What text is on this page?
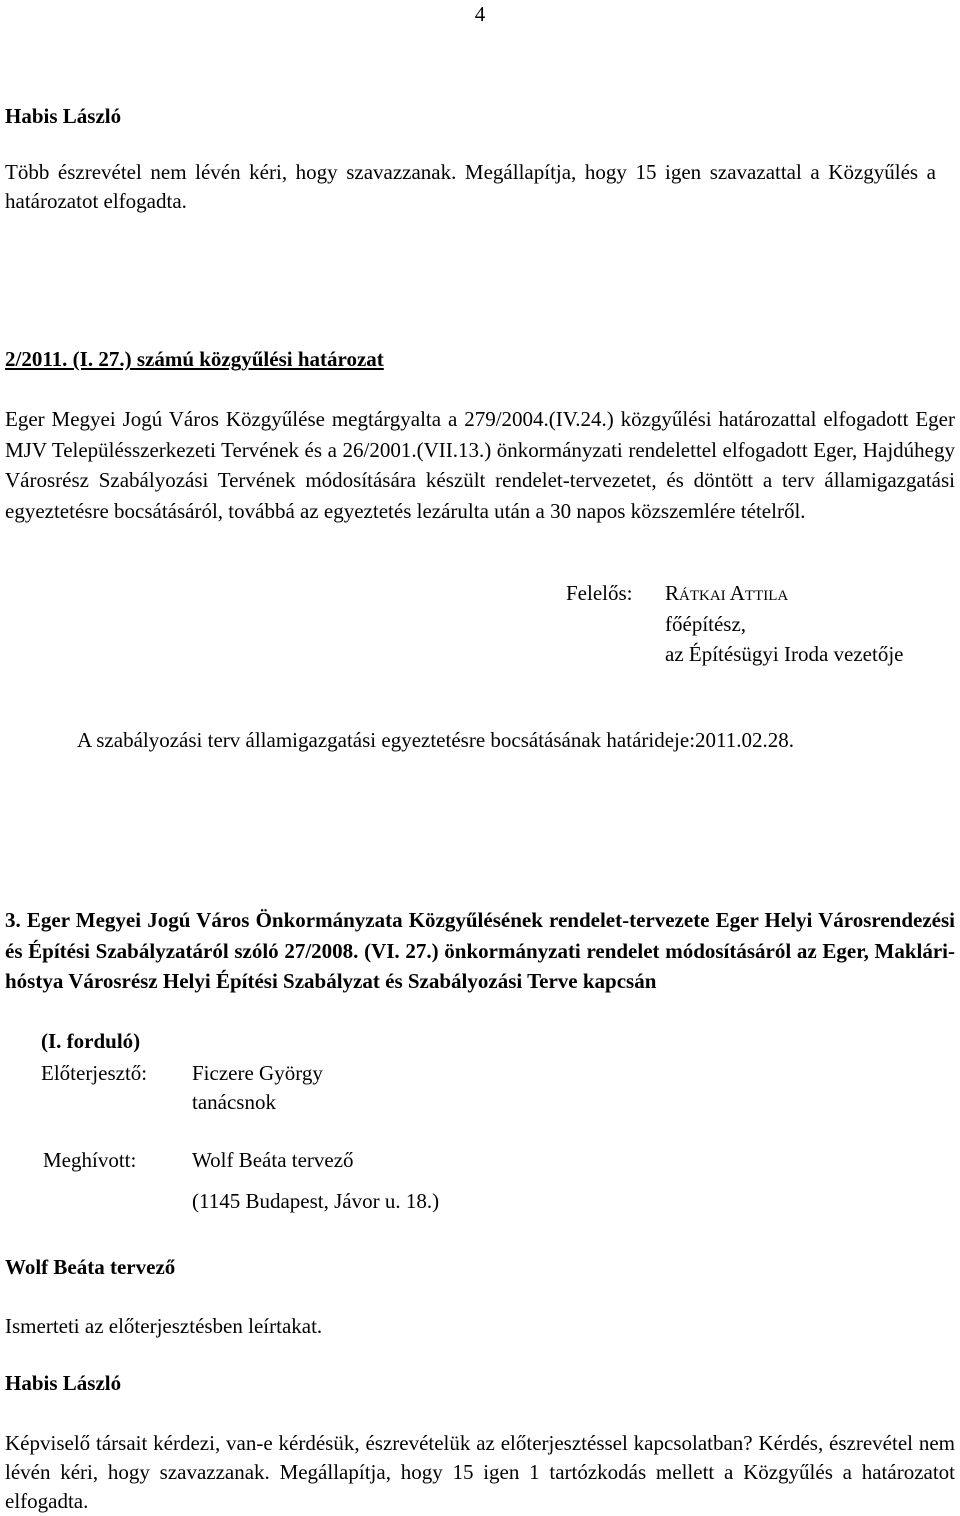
4
Habis László

Több észrevétel nem lévén kéri, hogy szavazzanak. Megállapítja, hogy 15 igen szavazattal a Közgyűlés a határozatot elfogadta.

2/2011. (I. 27.) számú közgyűlési határozat

Eger Megyei Jogú Város Közgyűlése megtárgyalta a 279/2004.(IV.24.) közgyűlési határozattal elfogadott Eger MJV Településszerkezeti Tervének és a 26/2001.(VII.13.) önkormányzati rendelettel elfogadott Eger, Hajdúhegy Városrész Szabályozási Tervének módosítására készült rendelet-tervezetet, és döntött a terv államigazgatási egyeztetésre bocsátásáról, továbbá az egyeztetés lezárulta után a 30 napos közszemlére tételről.

Felelős: Rátkai Attila
főépítész,
az Építésügyi Iroda vezetője
A szabályozási terv államigazgatási egyeztetésre bocsátásának határideje:2011.02.28.

3. Eger Megyei Jogú Város Önkormányzata Közgyűlésének rendelet-tervezete Eger Helyi Városrendezési és Építési Szabályzatáról szóló 27/2008. (VI. 27.) önkormányzati rendelet módosításáról az Eger, Maklári-hóstya Városrész Helyi Építési Szabályzat és Szabályozási Terve kapcsán

(I. forduló)
Előterjesztő: Ficzere György
tanácsnok
Meghívott:	Wolf Beáta tervező
(1145 Budapest, Jávor u. 18.)
Wolf Beáta tervező
Ismerteti az előterjesztésben leírtakat.
Habis László

Képviselő társait kérdezi, van-e kérdésük, észrevételük az előterjesztéssel kapcsolatban? Kérdés, észrevétel nem lévén kéri, hogy szavazzanak. Megállapítja, hogy 15 igen 1 tartózkodás mellett a Közgyűlés a határozatot elfogadta.
